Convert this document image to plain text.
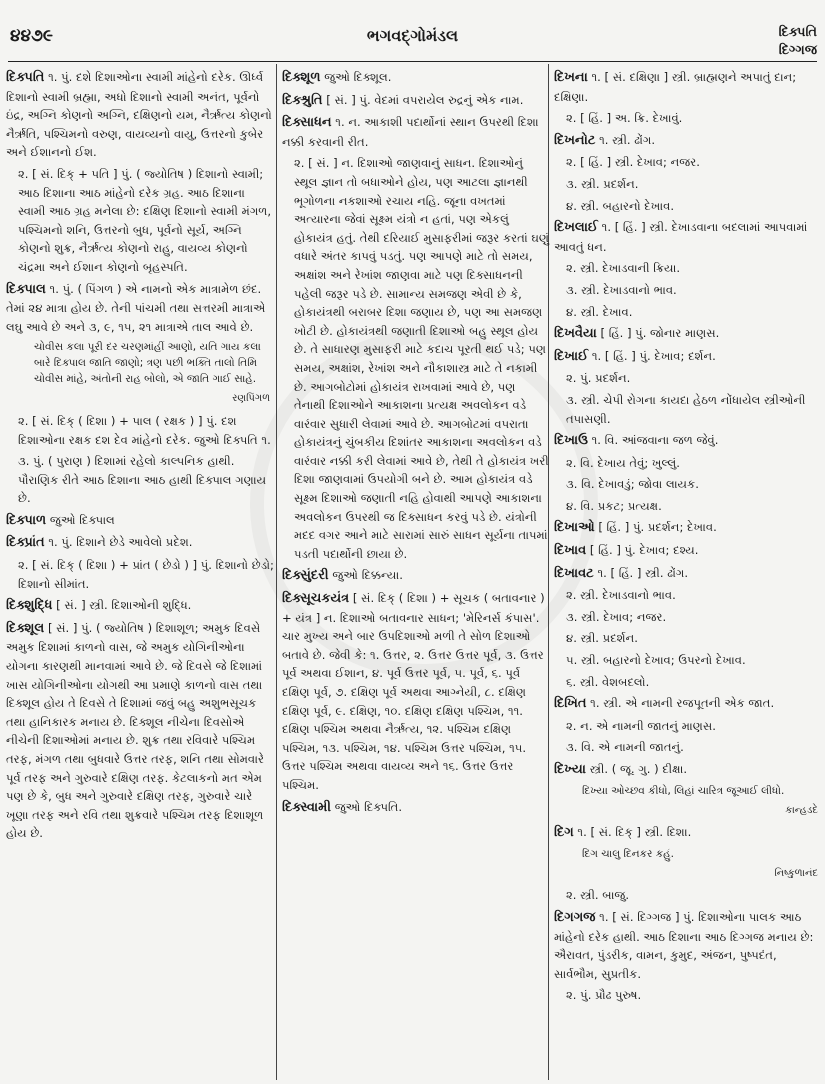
૪૪૭૯	ભગવદ્ગોમંડલ	દિક્પતિ
દિગ્ગજ
દિક્પતિ ૧. પું. દશે દિશાઓના સ્વામી માંહેનો દરેક. ઊર્ધ્વ દિશાનો સ્વામી બ્રહ્મા, અધો દિશાનો સ્વામી અનંત, પૂર્વનો ઇંદ્ર, અગ્નિ કોણનો અગ્નિ, દક્ષિણનો યમ, નૈર્ઋત્ય કોણનો નૈર્ઋતિ, પશ્ચિમનો વરુણ, વાયવ્યનો વાયુ, ઉત્તરનો કુબેર અને ઈશાનનો ઈશ.
૨. [ સં. દિક્ + પતિ ] પું. ( જ્યોતિષ ) દિશાનો સ્વામી; આઠ દિશાના આઠ માંહેનો દરેક ગ્રહ. આઠ દિશાના સ્વામી આઠ ગ્રહ મનેલા છે: દક્ષિણ દિશાનો સ્વામી મંગળ, પશ્ચિમનો શનિ, ઉત્તરનો બુધ, પૂર્વનો સૂર્ય, અગ્નિ કોણનો શુક્ર, નૈર્ઋત્ય કોણનો રાહુ, વાયવ્ય કોણનો ચંદ્રમા અને ઈશાન કોણનો બૃહસ્પતિ.
દિક્પાલ ૧. પું. ( પિંગળ ) એ નામનો એક માત્રામેળ છંદ. તેમાં ૨૪ માત્રા હોય છે. તેની પાંચમી તથા સત્તરમી માત્રાએ લઘુ આવે છે અને ૩, ૯, ૧૫, ૨૧ માત્રાએ તાલ આવે છે.
ચોવીસ કલા પૂરી દર ચરણમાંહીં આણો, યતિ ગાય કલા બારે દિક્પાલ જાતિ જાણો; ત્રણ પછી ભક્તિ તાલો તિમિ ચોવીસ માંહે, અંતોની રાહ બોલો, એ જાતિ ગાઈ સાહે.
રણપિંગળ
૨. [ સં. દિક્ ( દિશા ) + પાલ ( રક્ષક ) ] પું. દશ દિશાઓના રક્ષક દશ દેવ માંહેનો દરેક. જુઓ દિક્પતિ ૧.
૩. પું. ( પુરાણ ) દિશામાં રહેલો કાલ્પનિક હાથી. પૌરાણિક રીતે આઠ દિશાના આઠ હાથી દિક્પાલ ગણાય છે.
દિક્પાળ જુઓ દિક્પાલ
દિક્પ્રાંત ૧. પું. દિશાને છેડે આવેલો પ્રદેશ.
૨. [ સં. દિક્ ( દિશા ) + પ્રાંત ( છેડો ) ] પું. દિશાનો છેડો; દિશાનો સીમાંત.
દિક્શુદ્ધિ [ સં. ] સ્ત્રી. દિશાઓની શુદ્ધિ.
દિક્શૂલ [ સં. ] પું. ( જ્યોતિષ ) દિશાશૂળ; અમુક દિવસે અમુક દિશામાં કાળનો વાસ, જે અમુક યોગિનીઓના યોગના કારણથી માનવામાં આવે છે. જે દિવસે જે દિશામાં ખાસ યોગિનીઓના યોગથી આ પ્રમાણે કાળનો વાસ તથા દિક્શૂલ હોય તે દિવસે તે દિશામાં જવું બહુ અશુભસૂચક તથા હાનિકારક મનાય છે. દિક્શૂલ નીચેના દિવસોએ નીચેની દિશાઓમાં મનાય છે. શુક્ર તથા રવિવારે પશ્ચિમ તરફ, મંગળ તથા બુધવારે ઉત્તર તરફ, શનિ તથા સોમવારે પૂર્વ તરફ અને ગુરુવારે દક્ષિણ તરફ. કેટલાકનો મત એમ પણ છે કે, બુધ અને ગુરુવારે દક્ષિણ તરફ, ગુરુવારે ચારે ખૂણા તરફ અને રવિ તથા શુક્રવારે પશ્ચિમ તરફ દિશાશૂળ હોય છે.
દિક્શૂળ જુઓ દિક્શૂલ.
દિક્શ્રુતિ [ સં. ] પું. વેદમાં વપરાયેલ રુદ્રનું એક નામ.
દિક્સાધન ૧. ન. આકાશી પદાર્થોનાં સ્થાન ઉપરથી દિશા નક્કી કરવાની રીત.
૨. [ સં. ] ન. દિશાઓ જાણવાનું સાધન. દિશાઓનું સ્થૂલ જ્ઞાન તો બધાઓને હોય, પણ આટલા જ્ઞાનથી ભૂગોળના નકશાઓ રચાય નહિ. જૂના વખતમાં અત્યારના જેવાં સૂક્ષ્મ યંત્રો ન હતાં, પણ એકલું હોકાયંત્ર હતું. તેથી દરિયાઈ મુસાફરીમાં જરૂર કરતાં ઘણું વધારે અંતર કાપવું પડતું. પણ આપણે માટે તો સમય, અક્ષાંશ અને રેખાંશ જાણવા માટે પણ દિક્સાધનની પહેલી જરૂર પડે છે. સામાન્ય સમજણ એવી છે કે, હોકાયંત્રથી બરાબર દિશા જણાય છે, પણ આ સમજણ ખોટી છે. હોકાયંત્રથી જણાતી દિશાઓ બહુ સ્થૂલ હોય છે. તે સાધારણ મુસાફરી માટે કદાચ પૂરતી થઈ પડે; પણ સમય, અક્ષાંશ, રેખાંશ અને નૌકાશાસ્ત્ર માટે તે નકામી છે. આગબોટોમાં હોકાયંત્ર રાખવામાં આવે છે, પણ તેનાથી દિશાઓને આકાશના પ્રત્યક્ષ અવલોકન વડે વારંવાર સુધારી લેવામાં આવે છે. આગબોટમાં વપરાતા હોકાયંત્રનું ચુંબકીય દિશાંતર આકાશના અવલોકન વડે વારંવાર નક્કી કરી લેવામાં આવે છે, તેથી તે હોકાયંત્ર ખરી દિશા જાણવામાં ઉપયોગી બને છે. આમ હોકાયંત્ર વડે સૂક્ષ્મ દિશાઓ જણાતી નહિ હોવાથી આપણે આકાશના અવલોકન ઉપરથી જ દિક્સાધન કરવું પડે છે. યંત્રોની મદદ વગર આને માટે સારામાં સારું સાધન સૂર્યના તાપમાં પડતી પદાર્થોની છાયા છે.
દિક્સુંદરી જુઓ દિક્કન્યા.
દિક્સૂચકયંત્ર [ સં. દિક્ ( દિશા ) + સૂચક ( બતાવનાર ) + યંત્ર ] ન. દિશાઓ બતાવનાર સાધન; 'મેરિનર્સ કંપાસ'. ચાર મુખ્ય અને બાર ઉપદિશાઓ મળી તે સોળ દિશાઓ બતાવે છે. જેવી કે: ૧. ઉત્તર, ૨. ઉત્તર ઉત્તર પૂર્વ, ૩. ઉત્તર પૂર્વ અથવા ઈશાન, ૪. પૂર્વ ઉત્તર પૂર્વ, ૫. પૂર્વ, ૬. પૂર્વ દક્ષિણ પૂર્વ, ૭. દક્ષિણ પૂર્વ અથવા આગ્નેયી, ૮. દક્ષિણ દક્ષિણ પૂર્વ, ૯. દક્ષિણ, ૧૦. દક્ષિણ દક્ષિણ પશ્ચિમ, ૧૧. દક્ષિણ પશ્ચિમ અથવા નૈર્ઋત્ય, ૧૨. પશ્ચિમ દક્ષિણ પશ્ચિમ, ૧૩. પશ્ચિમ, ૧૪. પશ્ચિમ ઉત્તર પશ્ચિમ, ૧૫. ઉત્તર પશ્ચિમ અથવા વાયવ્ય અને ૧૬. ઉત્તર ઉત્તર પશ્ચિમ.
દિક્સ્વામી જુઓ દિક્પતિ.
દિખના ૧. [ સં. દક્ષિણા ] સ્ત્રી. બ્રાહ્મણને અપાતું દાન; દક્ષિણા.
૨. [ હિં. ] અ. ક્રિ. દેખાવું.
દિખનોટ ૧. સ્ત્રી. ઢોંગ.
૨. [ હિં. ] સ્ત્રી. દેખાવ; નજર.
૩. સ્ત્રી. પ્રદર્શન.
૪. સ્ત્રી. બહારનો દેખાવ.
દિખલાઈ ૧. [ હિં. ] સ્ત્રી. દેખાડવાના બદલામાં આપવામાં આવતું ધન.
૨. સ્ત્રી. દેખાડવાની ક્રિયા.
૩. સ્ત્રી. દેખાડવાનો ભાવ.
૪. સ્ત્રી. દેખાવ.
દિખવૈયા [ હિં. ] પું. જોનાર માણસ.
દિખાઈ ૧. [ હિં. ] પું. દેખાવ; દર્શન.
૨. પું. પ્રદર્શન.
૩. સ્ત્રી. ચેપી રોગના કાયદા હેઠળ નોંધાયેલ સ્ત્રીઓની તપાસણી.
દિખાઉ ૧. વિ. આંજવાના જળ જેવું.
૨. વિ. દેખાય તેવું; ખુલ્લું.
૩. વિ. દેખાવડું; જોવા લાયક.
૪. વિ. પ્રકટ; પ્રત્યક્ષ.
દિખાઓ [ હિં. ] પું. પ્રદર્શન; દેખાવ.
દિખાવ [ હિં. ] પું. દેખાવ; દશ્ય.
દિખાવટ ૧. [ હિં. ] સ્ત્રી. ઢોંગ.
૨. સ્ત્રી. દેખાડવાનો ભાવ.
૩. સ્ત્રી. દેખાવ; નજર.
૪. સ્ત્રી. પ્રદર્શન.
૫. સ્ત્રી. બહારનો દેખાવ; ઉપરનો દેખાવ.
૬. સ્ત્રી. વેશબદલો.
દિખિત ૧. સ્ત્રી. એ નામની રજપૂતની એક જાત.
૨. ન. એ નામની જાતનું માણસ.
૩. વિ. એ નામની જાતનું.
દિખ્યા સ્ત્રી. ( જૂ. ગુ. ) દીક્ષા.
દિખ્યા ઓચ્છવ કીધો, લિહાં ચારિત્ર જૂઆઈ લીધો.
કાન્હડદે
દિગ ૧. [ સં. દિક્ ] સ્ત્રી. દિશા.
દિગ ચાલુ દિનકર કહું.
નિષ્કુળાનંદ
૨. સ્ત્રી. બાજુ.
દિગગજ ૧. [ સં. દિગ્ગજ ] પું. દિશાઓના પાલક આઠ માંહેનો દરેક હાથી. આઠ દિશાના આઠ દિગ્ગજ મનાય છે: ઐરાવત, પુંડરીક, વામન, કુમુદ, અંજન, પુષ્પદંત, સાર્વભૌમ, સુપ્રતીક.
૨. પું. પ્રૌઢ પુરુષ.
